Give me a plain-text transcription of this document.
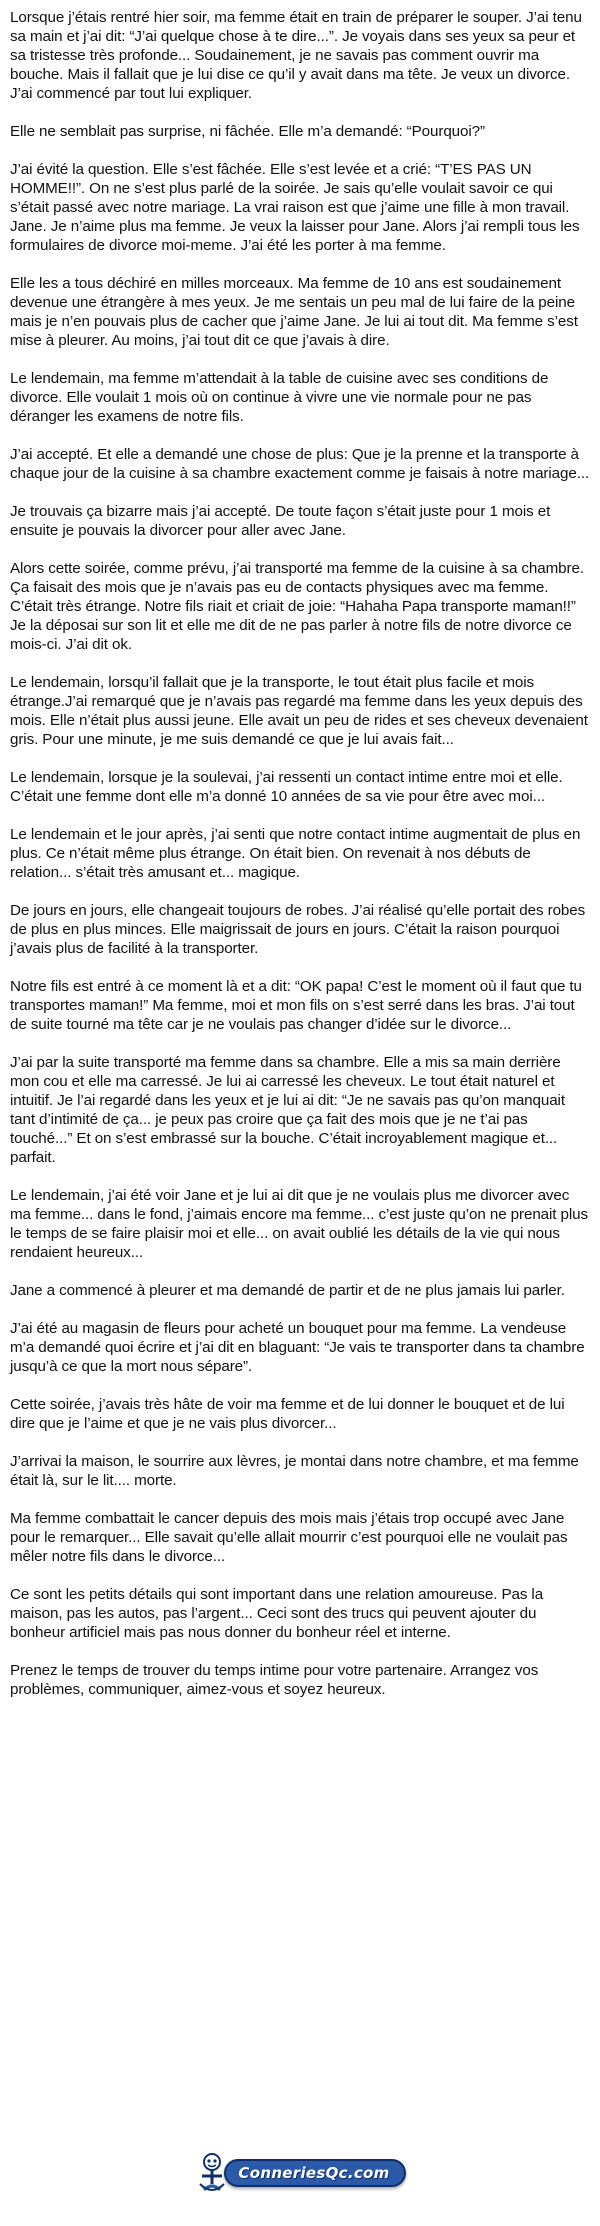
Lorsque j’étais rentré hier soir, ma femme était en train de préparer le souper. J’ai tenu sa main et j’ai dit: “J’ai quelque chose à te dire...”. Je voyais dans ses yeux sa peur et sa tristesse très profonde... Soudainement, je ne savais pas comment ouvrir ma bouche. Mais il fallait que je lui dise ce qu’il y avait dans ma tête. Je veux un divorce. J’ai commencé par tout lui expliquer.

Elle ne semblait pas surprise, ni fâchée. Elle m’a demandé: “Pourquoi?”

J’ai évité la question. Elle s’est fâchée. Elle s’est levée et a crié: “T’ES PAS UN HOMME!!”. On ne s’est plus parlé de la soirée. Je sais qu’elle voulait savoir ce qui s’était passé avec notre mariage. La vrai raison est que j’aime une fille à mon travail. Jane. Je n’aime plus ma femme. Je veux la laisser pour Jane. Alors j’ai rempli tous les formulaires de divorce moi-meme. J’ai été les porter à ma femme.

Elle les a tous déchiré en milles morceaux. Ma femme de 10 ans est soudainement devenue une étrangère à mes yeux. Je me sentais un peu mal de lui faire de la peine mais je n’en pouvais plus de cacher que j’aime Jane. Je lui ai tout dit. Ma femme s’est mise à pleurer. Au moins, j’ai tout dit ce que j’avais à dire.

Le lendemain, ma femme m’attendait à la table de cuisine avec ses conditions de divorce. Elle voulait 1 mois où on continue à vivre une vie normale pour ne pas déranger les examens de notre fils.

J’ai accepté. Et elle a demandé une chose de plus: Que je la prenne et la transporte à chaque jour de la cuisine à sa chambre exactement comme je faisais à notre mariage...

Je trouvais ça bizarre mais j’ai accepté. De toute façon s’était juste pour 1 mois et ensuite je pouvais la divorcer pour aller avec Jane.

Alors cette soirée, comme prévu, j’ai transporté ma femme de la cuisine à sa chambre. Ça faisait des mois que je n’avais pas eu de contacts physiques avec ma femme. C’était très étrange. Notre fils riait et criait de joie: “Hahaha Papa transporte maman!!” Je la déposai sur son lit et elle me dit de ne pas parler à notre fils de notre divorce ce mois-ci. J’ai dit ok.

Le lendemain, lorsqu’il fallait que je la transporte, le tout était plus facile et mois étrange.J’ai remarqué que je n’avais pas regardé ma femme dans les yeux depuis des mois. Elle n’était plus aussi jeune. Elle avait un peu de rides et ses cheveux devenaient gris. Pour une minute, je me suis demandé ce que je lui avais fait...

Le lendemain, lorsque je la soulevai, j’ai ressenti un contact intime entre moi et elle. C’était une femme dont elle m’a donné 10 années de sa vie pour être avec moi...

Le lendemain et le jour après, j’ai senti que notre contact intime augmentait de plus en plus. Ce n’était même plus étrange. On était bien. On revenait à nos débuts de relation... s’était très amusant et... magique.

De jours en jours, elle changeait toujours de robes. J’ai réalisé qu’elle portait des robes de plus en plus minces. Elle maigrissait de jours en jours. C’était la raison pourquoi j’avais plus de facilité à la transporter.

Notre fils est entré à ce moment là et a dit: “OK papa! C’est le moment où il faut que tu transportes maman!” Ma femme, moi et mon fils on s’est serré dans les bras. J’ai tout de suite tourné ma tête car je ne voulais pas changer d’idée sur le divorce...

J’ai par la suite transporté ma femme dans sa chambre. Elle a mis sa main derrière mon cou et elle ma carressé. Je lui ai carressé les cheveux. Le tout était naturel et intuitif. Je l’ai regardé dans les yeux et je lui ai dit: “Je ne savais pas qu’on manquait tant d’intimité de ça... je peux pas croire que ça fait des mois que je ne t’ai pas touché...” Et on s’est embrassé sur la bouche. C’était incroyablement magique et... parfait.

Le lendemain, j’ai été voir Jane et je lui ai dit que je ne voulais plus me divorcer avec ma femme... dans le fond, j’aimais encore ma femme... c’est juste qu’on ne prenait plus le temps de se faire plaisir moi et elle... on avait oublié les détails de la vie qui nous rendaient heureux...

Jane a commencé à pleurer et ma demandé de partir et de ne plus jamais lui parler.

J’ai été au magasin de fleurs pour acheté un bouquet pour ma femme. La vendeuse m’a demandé quoi écrire et j’ai dit en blaguant: “Je vais te transporter dans ta chambre jusqu’à ce que la mort nous sépare”.

Cette soirée, j’avais très hâte de voir ma femme et de lui donner le bouquet et de lui dire que je l’aime et que je ne vais plus divorcer...

J’arrivai la maison, le sourrire aux lèvres, je montai dans notre chambre, et ma femme était là, sur le lit.... morte.

Ma femme combattait le cancer depuis des mois mais j’étais trop occupé avec Jane pour le remarquer... Elle savait qu’elle allait mourrir c’est pourquoi elle ne voulait pas mêler notre fils dans le divorce...

Ce sont les petits détails qui sont important dans une relation amoureuse. Pas la maison, pas les autos, pas l’argent... Ceci sont des trucs qui peuvent ajouter du bonheur artificiel mais pas nous donner du bonheur réel et interne.

Prenez le temps de trouver du temps intime pour votre partenaire. Arrangez vos problèmes, communiquer, aimez-vous et soyez heureux.

ConneriesQc.com
